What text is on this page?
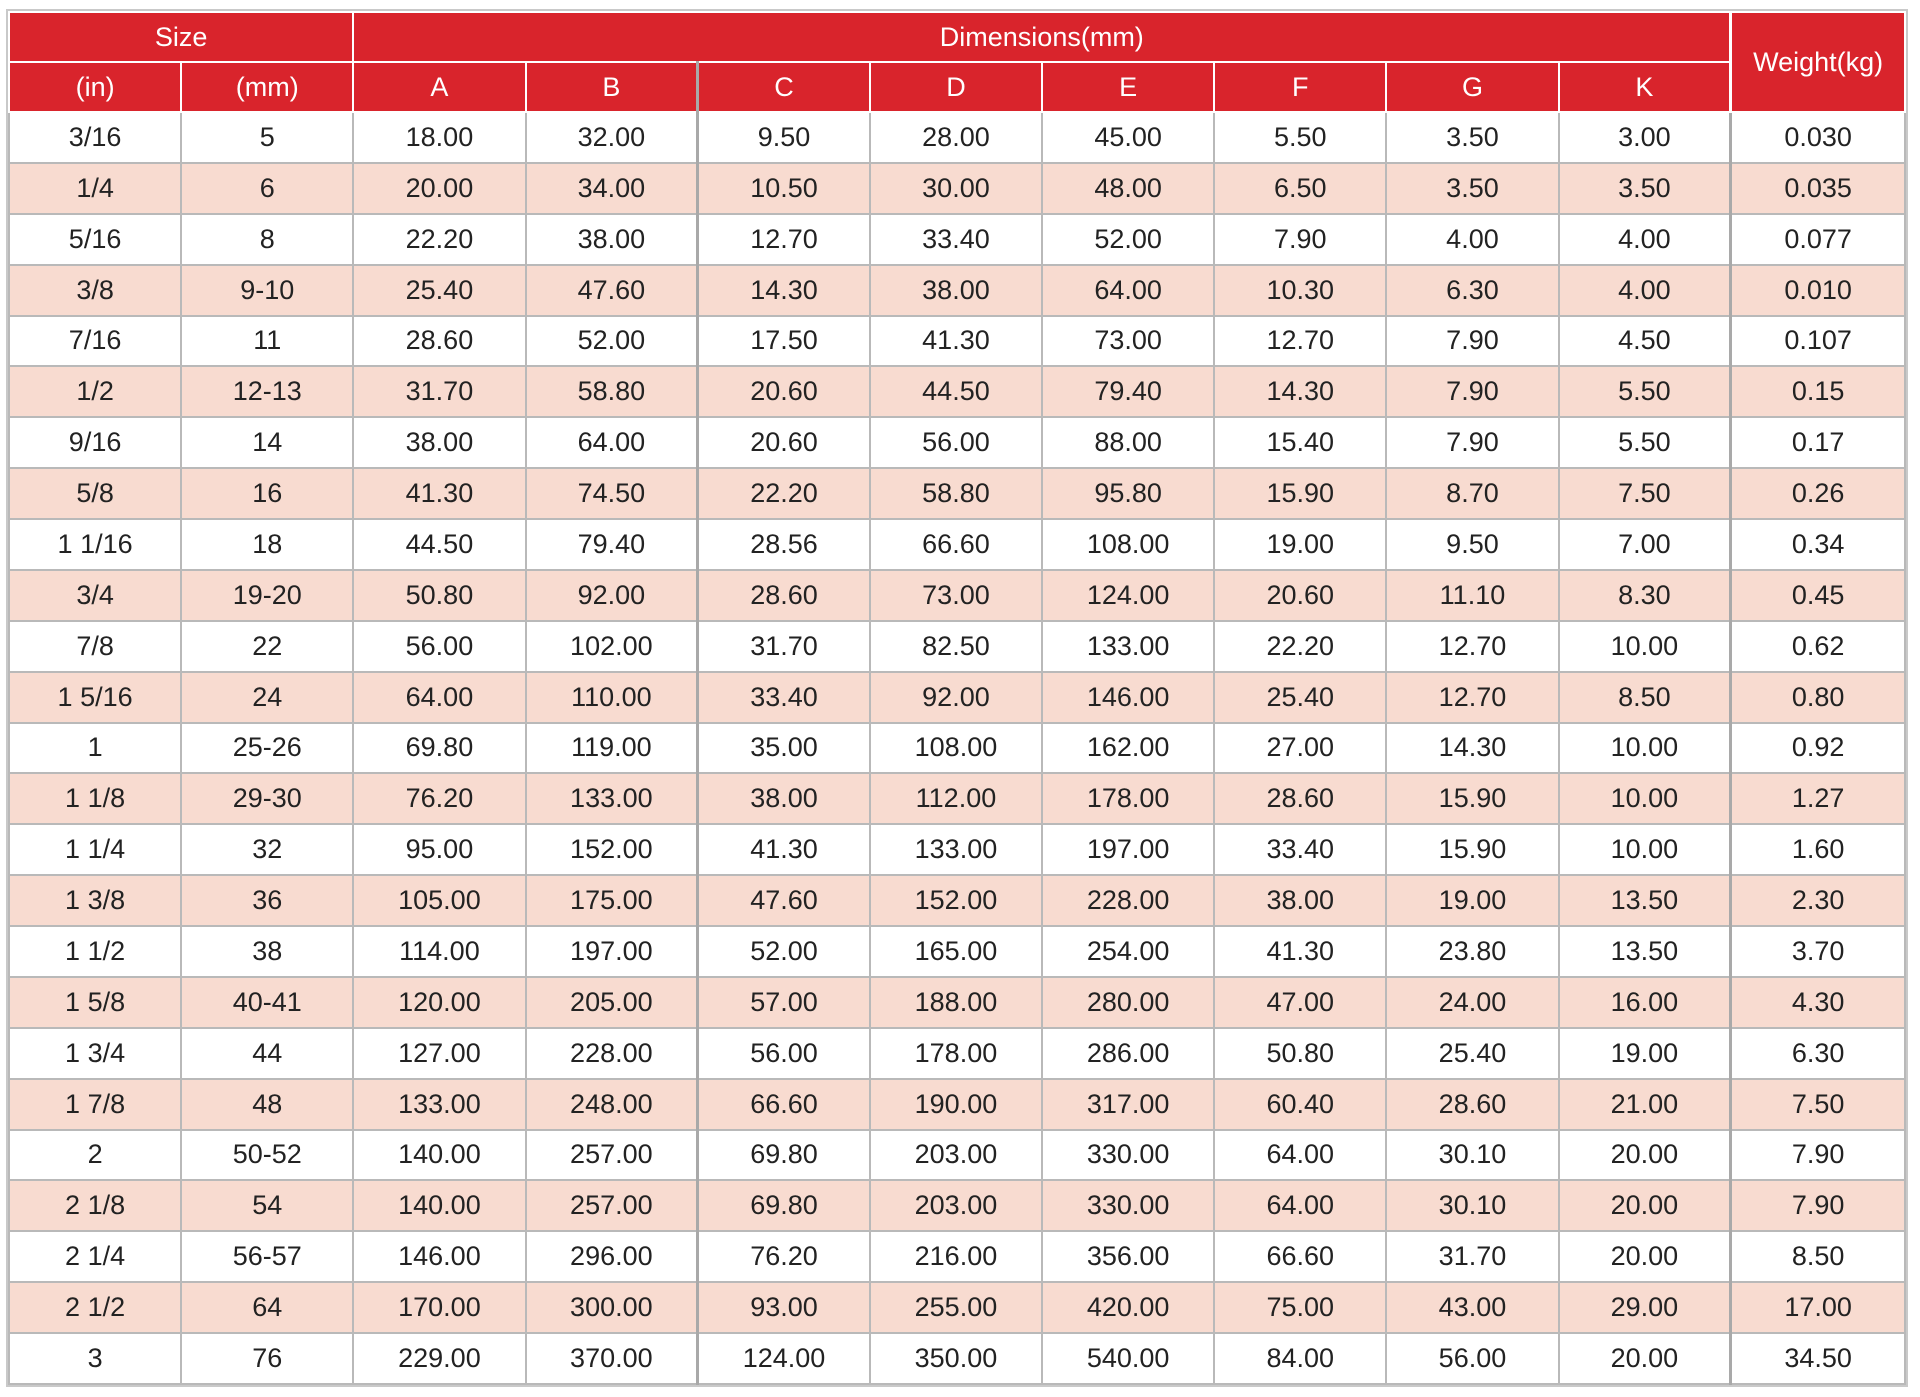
Size		Dimensions(mm)								Weight(kg)
(in)	(mm)	A	B	C	D	E	F	G	K	
3/16	5	18.00	32.00	9.50	28.00	45.00	5.50	3.50	3.00	0.030
1/4	6	20.00	34.00	10.50	30.00	48.00	6.50	3.50	3.50	0.035
5/16	8	22.20	38.00	12.70	33.40	52.00	7.90	4.00	4.00	0.077
3/8	9-10	25.40	47.60	14.30	38.00	64.00	10.30	6.30	4.00	0.010
7/16	11	28.60	52.00	17.50	41.30	73.00	12.70	7.90	4.50	0.107
1/2	12-13	31.70	58.80	20.60	44.50	79.40	14.30	7.90	5.50	0.15
9/16	14	38.00	64.00	20.60	56.00	88.00	15.40	7.90	5.50	0.17
5/8	16	41.30	74.50	22.20	58.80	95.80	15.90	8.70	7.50	0.26
1 1/16	18	44.50	79.40	28.56	66.60	108.00	19.00	9.50	7.00	0.34
3/4	19-20	50.80	92.00	28.60	73.00	124.00	20.60	11.10	8.30	0.45
7/8	22	56.00	102.00	31.70	82.50	133.00	22.20	12.70	10.00	0.62
1 5/16	24	64.00	110.00	33.40	92.00	146.00	25.40	12.70	8.50	0.80
1	25-26	69.80	119.00	35.00	108.00	162.00	27.00	14.30	10.00	0.92
1 1/8	29-30	76.20	133.00	38.00	112.00	178.00	28.60	15.90	10.00	1.27
1 1/4	32	95.00	152.00	41.30	133.00	197.00	33.40	15.90	10.00	1.60
1 3/8	36	105.00	175.00	47.60	152.00	228.00	38.00	19.00	13.50	2.30
1 1/2	38	114.00	197.00	52.00	165.00	254.00	41.30	23.80	13.50	3.70
1 5/8	40-41	120.00	205.00	57.00	188.00	280.00	47.00	24.00	16.00	4.30
1 3/4	44	127.00	228.00	56.00	178.00	286.00	50.80	25.40	19.00	6.30
1 7/8	48	133.00	248.00	66.60	190.00	317.00	60.40	28.60	21.00	7.50
2	50-52	140.00	257.00	69.80	203.00	330.00	64.00	30.10	20.00	7.90
2 1/8	54	140.00	257.00	69.80	203.00	330.00	64.00	30.10	20.00	7.90
2 1/4	56-57	146.00	296.00	76.20	216.00	356.00	66.60	31.70	20.00	8.50
2 1/2	64	170.00	300.00	93.00	255.00	420.00	75.00	43.00	29.00	17.00
3	76	229.00	370.00	124.00	350.00	540.00	84.00	56.00	20.00	34.50
